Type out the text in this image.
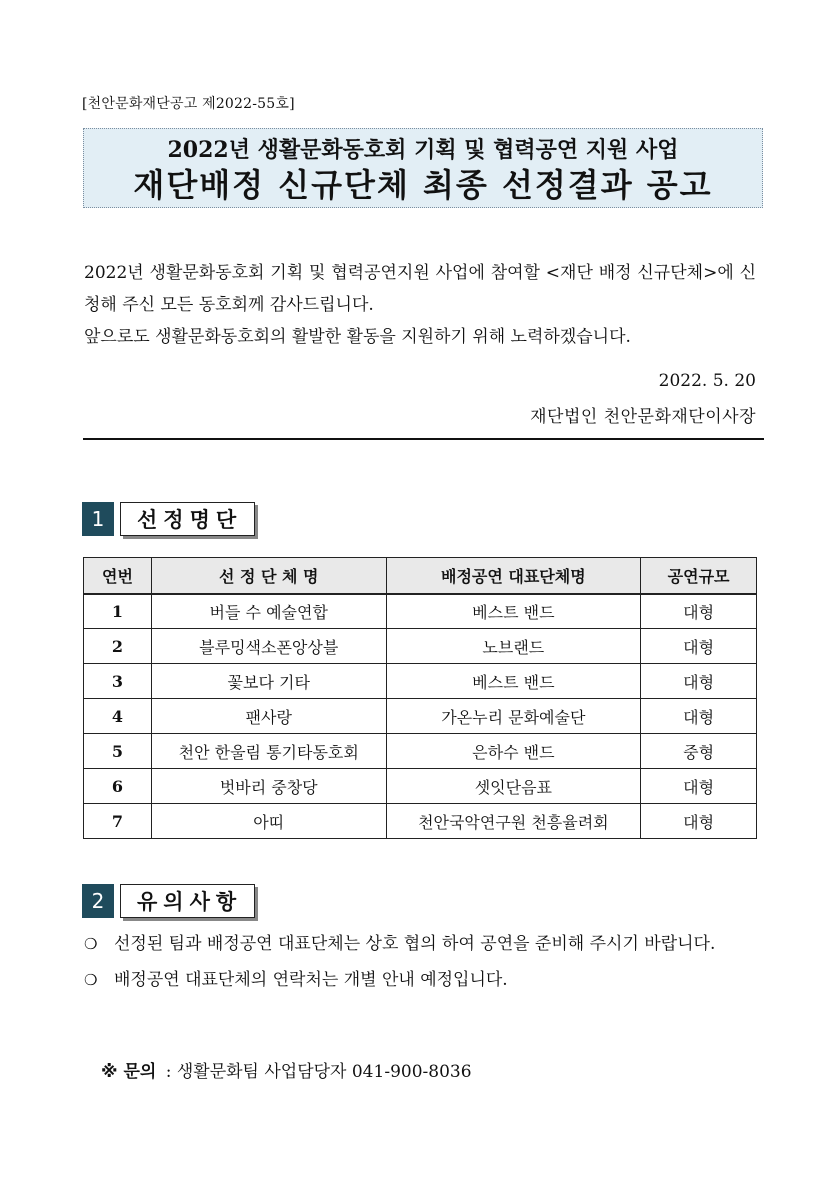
[천안문화재단공고 제2022-55호]
2022년 생활문화동호회 기획 및 협력공연 지원 사업
재단배정 신규단체 최종 선정결과 공고

2022년 생활문화동호회 기획 및 협력공연지원 사업에 참여할 <재단 배정 신규단체>에 신청해 주신 모든 동호회께 감사드립니다.

앞으로도 생활문화동호회의 활발한 활동을 지원하기 위해 노력하겠습니다.

2022. 5. 20
재단법인 천안문화재단이사장
1	선정명단
연번	선 정 단 체 명	배정공연 대표단체명	공연규모
1	버들 수 예술연합	베스트 밴드	대형
2	블루밍색소폰앙상블	노브랜드	대형
3	꽃보다 기타	베스트 밴드	대형
4	팬사랑	가온누리 문화예술단	대형
5	천안 한울림 통기타동호회	은하수 밴드	중형
6	벗바리 중창당	셋잇단음표	대형
7	아띠	천안국악연구원 천흥율려회	대형
2	유의사항
❍ 선정된 팀과 배정공연 대표단체는 상호 협의 하여 공연을 준비해 주시기 바랍니다.
❍ 배정공연 대표단체의 연락처는 개별 안내 예정입니다.
※ 문의 : 생활문화팀 사업담당자 041-900-8036
